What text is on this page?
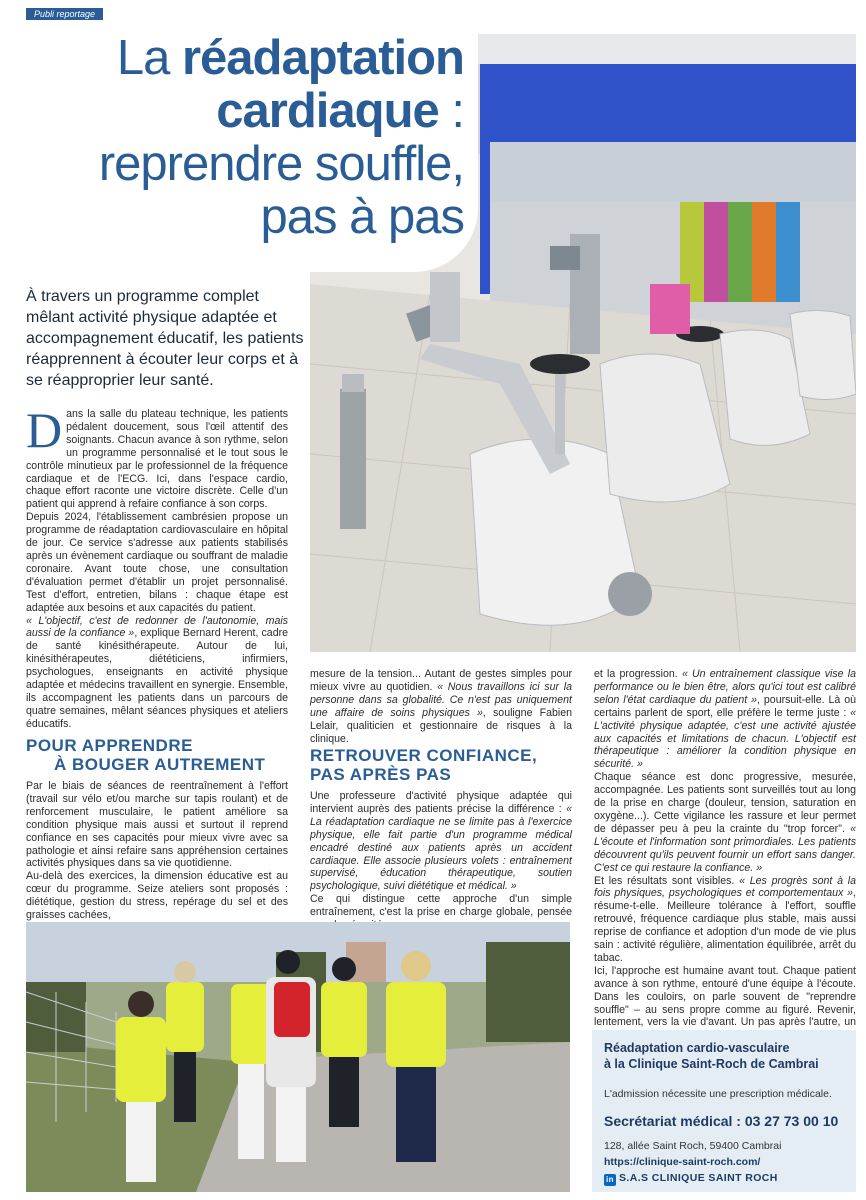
Publi reportage
La réadaptation
cardiaque :
reprendre souffle,
pas à pas
À travers un programme complet mêlant activité physique adaptée et accompagnement éducatif, les patients réapprennent à écouter leur corps et à se réapproprier leur santé.

Dans la salle du plateau technique, les patients pédalent doucement, sous l'œil attentif des soignants. Chacun avance à son rythme, selon un programme personnalisé et le tout sous le contrôle minutieux par le professionnel de la fréquence cardiaque et de l'ECG. Ici, dans l'espace cardio, chaque effort raconte une victoire discrète. Celle d'un patient qui apprend à refaire confiance à son corps.

Depuis 2024, l'établissement cambrésien propose un programme de réadaptation cardiovasculaire en hôpital de jour. Ce service s'adresse aux patients stabilisés après un évènement cardiaque ou souffrant de maladie coronaire. Avant toute chose, une consultation d'évaluation permet d'établir un projet personnalisé. Test d'effort, entretien, bilans : chaque étape est adaptée aux besoins et aux capacités du patient.

« L'objectif, c'est de redonner de l'autonomie, mais aussi de la confiance », explique Bernard Herent, cadre de santé kinésithérapeute. Autour de lui, kinésithérapeutes, diététiciens, infirmiers, psychologues, enseignants en activité physique adaptée et médecins travaillent en synergie. Ensemble, ils accompagnent les patients dans un parcours de quatre semaines, mêlant séances physiques et ateliers éducatifs.

POUR APPRENDRE
À BOUGER AUTREMENT

Par le biais de séances de reentraînement à l'effort (travail sur vélo et/ou marche sur tapis roulant) et de renforcement musculaire, le patient améliore sa condition physique mais aussi et surtout il reprend confiance en ses capacités pour mieux vivre avec sa pathologie et ainsi refaire sans appréhension certaines activités physiques dans sa vie quotidienne.

Au-delà des exercices, la dimension éducative est au cœur du programme. Seize ateliers sont proposés : diététique, gestion du stress, repérage du sel et des graisses cachées,

mesure de la tension... Autant de gestes simples pour mieux vivre au quotidien. « Nous travaillons ici sur la personne dans sa globalité. Ce n'est pas uniquement une affaire de soins physiques », souligne Fabien Lelair, qualiticien et gestionnaire de risques à la clinique.

RETROUVER CONFIANCE,
PAS APRÈS PAS

Une professeure d'activité physique adaptée qui intervient auprès des patients précise la différence : « La réadaptation cardiaque ne se limite pas à l'exercice physique, elle fait partie d'un programme médical encadré destiné aux patients après un accident cardiaque. Elle associe plusieurs volets : entraînement supervisé, éducation thérapeutique, soutien psychologique, suivi diététique et médical. »

Ce qui distingue cette approche d'un simple entraînement, c'est la prise en charge globale, pensée

et la progression. « Un entraînement classique vise la performance ou le bien être, alors qu'ici tout est calibré selon l'état cardiaque du patient », poursuit-elle. Là où certains parlent de sport, elle préfère le terme juste : « L'activité physique adaptée, c'est une activité ajustée aux capacités et limitations de chacun. L'objectif est thérapeutique : améliorer la condition physique en sécurité. »

Chaque séance est donc progressive, mesurée, accompagnée. Les patients sont surveillés tout au long de la prise en charge (douleur, tension, saturation en oxygène...). Cette vigilance les rassure et leur permet de dépasser peu à peu la crainte du "trop forcer". « L'écoute et l'information sont primordiales. Les patients découvrent qu'ils peuvent fournir un effort sans danger. C'est ce qui restaure la confiance. »

Et les résultats sont visibles. « Les progrès sont à la fois physiques, psychologiques et comportementaux », résume-t-elle. Meilleure tolérance à l'effort, souffle retrouvé, fréquence cardiaque plus stable, mais aussi reprise de confiance et adoption d'un mode de vie plus sain : activité régulière, alimentation équilibrée, arrêt du tabac.

Ici, l'approche est humaine avant tout. Chaque patient avance à son rythme, entouré d'une équipe à l'écoute. Dans les couloirs, on parle souvent de "reprendre souffle" – au sens propre comme au figuré. Revenir, lentement, vers la vie d'avant. Un pas après l'autre, un

Réadaptation cardio-vasculaire
à la Clinique Saint-Roch de Cambrai
L'admission nécessite une prescription médicale.
Secrétariat médical : 03 27 73 00 10
128, allée Saint Roch, 59400 Cambrai
https://clinique-saint-roch.com/
in S.A.S CLINIQUE SAINT ROCH
